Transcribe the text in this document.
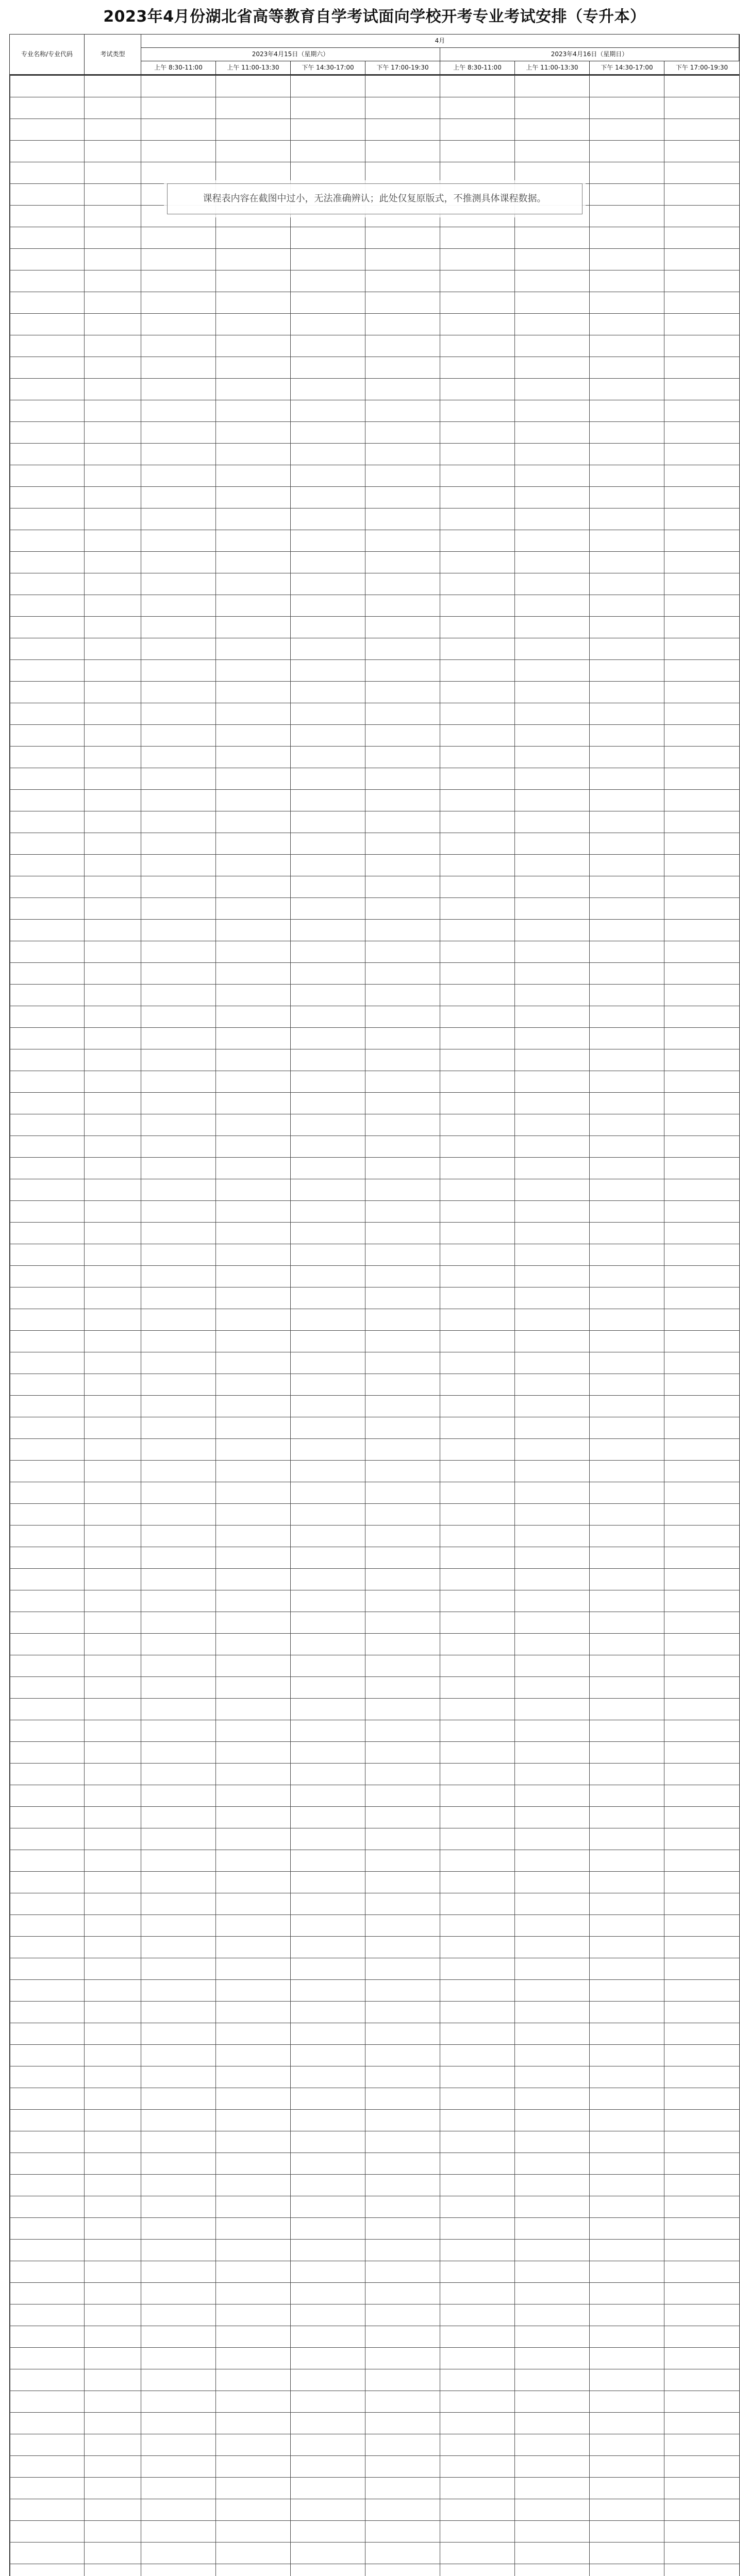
2023年4月份湖北省高等教育自学考试面向学校开考专业考试安排（专升本）
专业名称/专业代码	考试类型
4月
2023年4月15日（星期六）	2023年4月16日（星期日）
上午 8:30-11:00	上午 11:00-13:30	下午 14:30-17:00	下午 17:00-19:30	上午 8:30-11:00	上午 11:00-13:30	下午 14:30-17:00	下午 17:00-19:30
课程表内容在截图中过小，无法准确辨认；此处仅复原版式，不推测具体课程数据。
